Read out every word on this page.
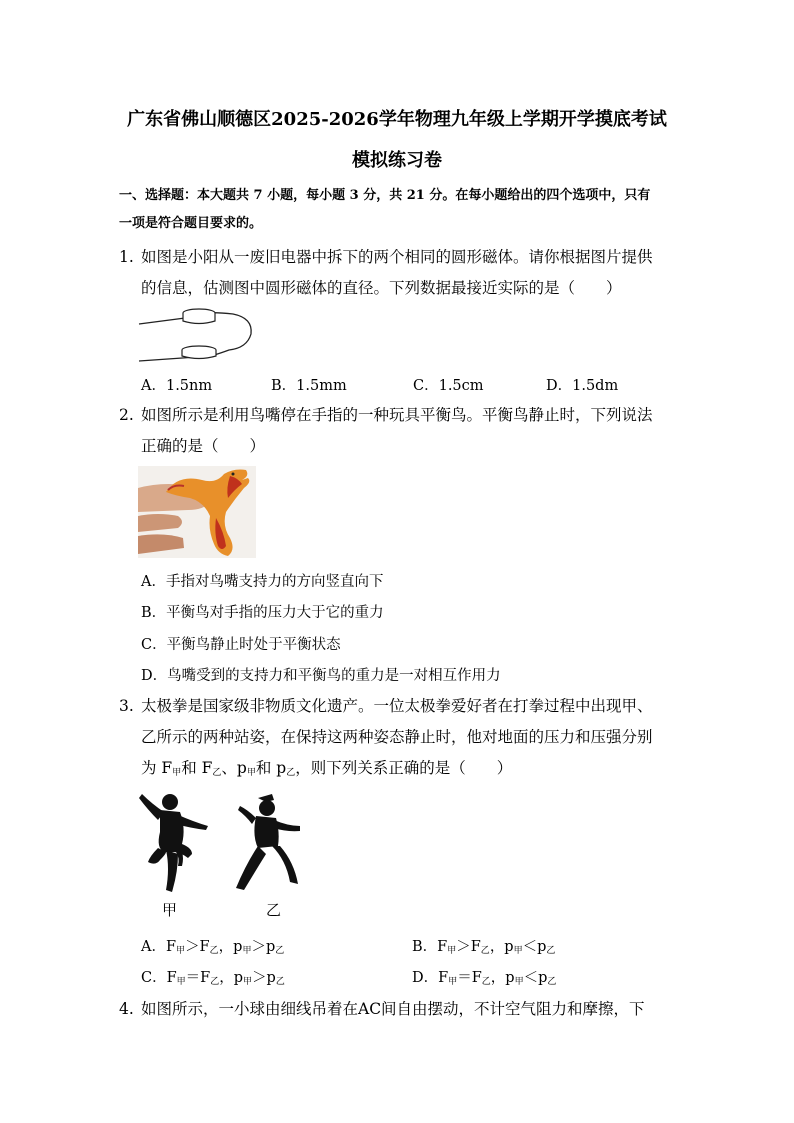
广东省佛山顺德区2025-2026学年物理九年级上学期开学摸底考试
模拟练习卷
一、选择题：本大题共 7 小题，每小题 3 分，共 21 分。在每小题给出的四个选项中，只有
一项是符合题目要求的。
1. 如图是小阳从一废旧电器中拆下的两个相同的圆形磁体。请你根据图片提供
的信息，估测图中圆形磁体的直径。下列数据最接近实际的是（　　）
A．1.5nm	B．1.5mm	C．1.5cm	D．1.5dm
2. 如图所示是利用鸟嘴停在手指的一种玩具平衡鸟。平衡鸟静止时，下列说法
正确的是（　　）
A．手指对鸟嘴支持力的方向竖直向下
B．平衡鸟对手指的压力大于它的重力
C．平衡鸟静止时处于平衡状态
D．鸟嘴受到的支持力和平衡鸟的重力是一对相互作用力
3. 太极拳是国家级非物质文化遗产。一位太极拳爱好者在打拳过程中出现甲、
乙所示的两种站姿，在保持这两种姿态静止时，他对地面的压力和压强分别
为 $F_甲$和 $F_乙$、$p_甲$和 $p_乙$，则下列关系正确的是（　　）
甲	乙
A．$F_甲>F_乙$，$p_甲>p_乙$	B．$F_甲>F_乙$，$p_甲<p_乙$
C．$F_甲=F_乙$，$p_甲>p_乙$	D．$F_甲=F_乙$，$p_甲<p_乙$
4. 如图所示，一小球由细线吊着在AC间自由摆动，不计空气阻力和摩擦，下
